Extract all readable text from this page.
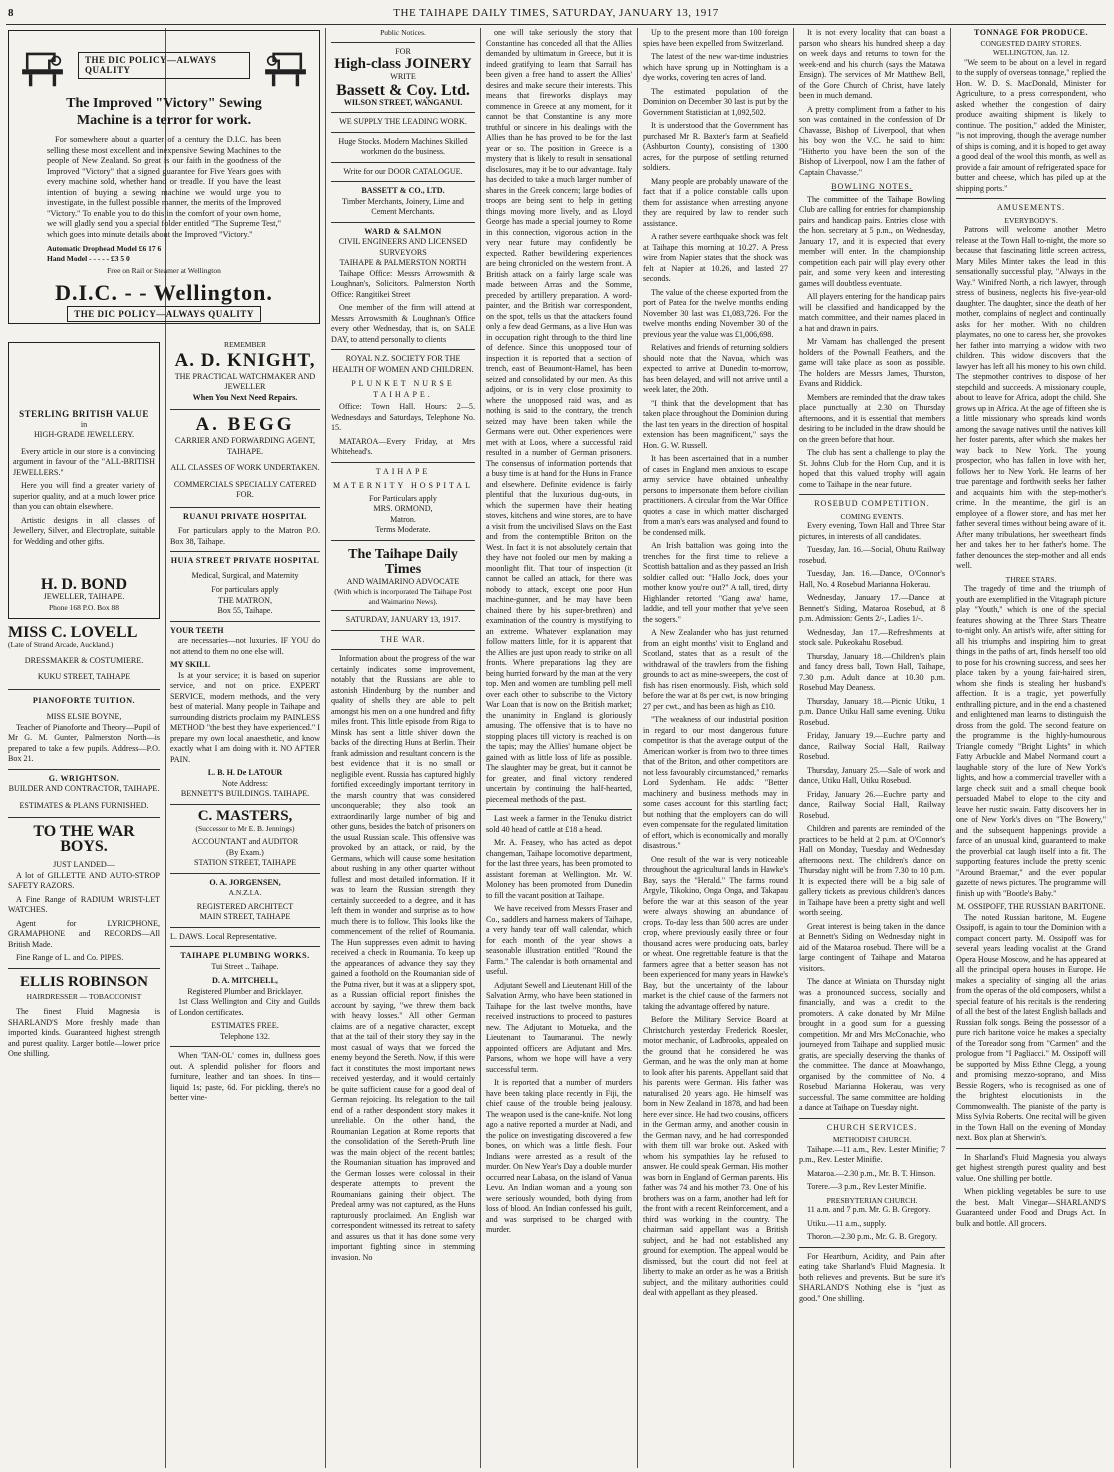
8	THE TAIHAPE DAILY TIMES, SATURDAY, JANUARY 13, 1917
THE DIC POLICY—ALWAYS QUALITY
The Improved "Victory" Sewing Machine is a terror for work.

For somewhere about a quarter of a century the D.I.C. has been selling these most excellent and inexpensive Sewing Machines to the people of New Zealand. So great is our faith in the goodness of the Improved "Victory" that a signed guarantee for Five Years goes with every machine sold, whether hand or treadle. If you have the least intention of buying a sewing machine we would urge you to investigate, in the fullest possible manner, the merits of the Improved "Victory." To enable you to do this in the comfort of your own home, we will gladly send you a special folder entitled "The Supreme Test," which goes into minute details about the Improved "Victory."

Automatic Drophead Model £6 17 6
Hand Model - - - - - £3 5 0
Free on Rail or Steamer at Wellington
D.I.C. - - Wellington.
THE DIC POLICY—ALWAYS QUALITY
STERLING BRITISH VALUE
in
HIGH-GRADE JEWELLERY.

Every article in our store is a convincing argument in favour of the "ALL-BRITISH JEWELLERS."

Here you will find a greater variety of superior quality, and at a much lower price than you can obtain elsewhere.

Artistic designs in all classes of Jewellery, Silver, and Electroplate, suitable for Wedding and other gifts.

H. D. BOND
JEWELLER, TAIHAPE.
Phone 168 P.O. Box 88
MISS C. LOVELL
(Late of Strand Arcade, Auckland.)
DRESSMAKER & COSTUMIERE.
KUKU STREET, TAIHAPE
PIANOFORTE TUITION.
MISS ELSIE BOYNE,

Teacher of Pianoforte and Theory—Pupil of Mr G. M. Gunter, Palmerston North—is prepared to take a few pupils. Address—P.O. Box 21.

G. WRIGHTSON.
BUILDER AND CONTRACTOR, TAIHAPE.
ESTIMATES & PLANS FURNISHED.
TO THE WAR BOYS.
JUST LANDED—

A lot of GILLETTE AND AUTO-STROP SAFETY RAZORS.

A Fine Range of RADIUM WRIST-LET WATCHES.

Agent for LYRICPHONE, GRAMAPHONE and RECORDS—All British Made.

Fine Range of L. and Co. PIPES.

ELLIS ROBINSON
HAIRDRESSER — TOBACCONIST

The finest Fluid Magnesia is SHARLAND'S More freshly made than imported kinds. Guaranteed highest strength and purest quality. Larger bottle—lower price One shilling.

REMEMBER
A. D. KNIGHT,
THE PRACTICAL WATCHMAKER AND JEWELLER
When You Next Need Repairs.
A. BEGG
CARRIER AND FORWARDING AGENT, TAIHAPE.
ALL CLASSES OF WORK UNDERTAKEN.
COMMERCIALS SPECIALLY CATERED FOR.
RUANUI PRIVATE HOSPITAL

For particulars apply to the Matron P.O. Box 38, Taihape.

HUIA STREET PRIVATE HOSPITAL
Medical, Surgical, and Maternity
For particulars apply
THE MATRON,
Box 55, Taihape.
YOUR TEETH

are necessaries—not luxuries. IF YOU do not attend to them no one else will.

MY SKILL

Is at your service; it is based on superior service, and not on price. EXPERT SERVICE, modern methods, and the very best of material. Many people in Taihape and surrounding districts proclaim my PAINLESS METHOD "the best they have experienced." I prepare my own local anaesthetic, and know exactly what I am doing with it. NO AFTER PAIN.

L. B. H. De LATOUR
Note Address:
BENNETT'S BUILDINGS. TAIHAPE.
C. MASTERS,
(Successor to Mr E. B. Jennings)
ACCOUNTANT and AUDITOR
(By Exam.)
STATION STREET, TAIHAPE
O. A. JORGENSEN,
A.N.Z.I.A.
REGISTERED ARCHITECT
MAIN STREET, TAIHAPE
L. DAWS. Local Representative.
TAIHAPE PLUMBING WORKS.
Tui Street .. Taihape.
D. A. MITCHELL,
Registered Plumber and Bricklayer.

1st Class Wellington and City and Guilds of London certificates.

ESTIMATES FREE.
Telephone 132.

When 'TAN-OL' comes in, dullness goes out. A splendid polisher for floors and furniture, leather and tan shoes. In tins—liquid 1s; paste, 6d. For pickling, there's no better vine-

Public Notices.
FOR
High-class JOINERY
WRITE
Bassett & Coy. Ltd.
WILSON STREET, WANGANUI.
WE SUPPLY THE LEADING WORK.
Huge Stocks. Modern Machines Skilled workmen do the business.
Write for our DOOR CATALOGUE.
BASSETT & CO., LTD.
Timber Merchants, Joinery, Lime and Cement Merchants.
WARD & SALMON
CIVIL ENGINEERS AND LICENSED SURVEYORS
TAIHAPE & PALMERSTON NORTH

Taihape Office: Messrs Arrowsmith & Loughnan's, Solicitors. Palmerston North Office: Rangitikei Street

One member of the firm will attend at Messrs Arrowsmith & Loughnan's Office every other Wednesday, that is, on SALE DAY, to attend personally to clients

ROYAL N.Z. SOCIETY FOR THE HEALTH OF WOMEN AND CHILDREN.
PLUNKET NURSE TAIHAPE.

Office: Town Hall. Hours: 2—5. Wednesdays and Saturdays, Telephone No. 15.

MATAROA—Every Friday, at Mrs Whitehead's.

TAIHAPE
MATERNITY HOSPITAL
For Particulars apply
MRS. ORMOND,
Matron.
Terms Moderate.
The Taihape Daily Times
AND WAIMARINO ADVOCATE
(With which is incorporated The Taihape Post and Waimarino News).
SATURDAY, JANUARY 13, 1917.
THE WAR.

Information about the progress of the war certainly indicates some improvement, notably that the Russians are able to astonish Hindenburg by the number and quality of shells they are able to pelt amongst his men on a one hundred and fifty miles front. This little episode from Riga to Minsk has sent a little shiver down the backs of the directing Huns at Berlin. Their frank admission and resultant concern is the best evidence that it is no small or negligible event. Russia has captured highly fortified exceedingly important territory in the marsh country that was considered unconquerable; they also took an extraordinarily large number of big and other guns, besides the batch of prisoners on the usual Russian scale. This offensive was provoked by an attack, or raid, by the Germans, which will cause some hesitation about rushing in any other quarter without fullest and most detailed information. If it was to learn the Russian strength they certainly succeeded to a degree, and it has left them in wonder and surprise as to how much there is to follow. This looks like the commencement of the relief of Roumania. The Hun suppresses even admit to having received a check in Roumania. To keep up the appearances of advance they say they gained a foothold on the Roumanian side of the Putna river, but it was at a slippery spot, as a Russian official report finishes the account by saying, "we threw them back with heavy losses." All other German claims are of a negative character, except that at the tail of their story they say in the most casual of ways that we forced the enemy beyond the Sereth. Now, if this were fact it constitutes the most important news received yesterday, and it would certainly be quite sufficient cause for a good deal of German rejoicing. Its relegation to the tail end of a rather despondent story makes it unreliable. On the other hand, the Roumanian Legation at Rome reports that the consolidation of the Sereth-Pruth line was the main object of the recent battles; the Roumanian situation has improved and the German losses were colossal in their desperate attempts to prevent the Roumanians gaining their object. The Predeal army was not captured, as the Huns rapturously proclaimed. An English war correspondent witnessed its retreat to safety and assures us that it has done some very important fighting since in stemming invasion. No

one will take seriously the story that Constantine has conceded all that the Allies demanded by ultimatum in Greece, but it is indeed gratifying to learn that Sarrail has been given a free hand to assert the Allies' desires and make secure their interests. This means that fireworks displays may commence in Greece at any moment, for it cannot be that Constantine is any more truthful or sincere in his dealings with the Allies than he has proved to be for the last year or so. The position in Greece is a mystery that is likely to result in sensational disclosures, may it be to our advantage. Italy has decided to take a much larger number of shares in the Greek concern; large bodies of troops are being sent to help in getting things moving more lively, and as Lloyd George has made a special journey to Rome in this connection, vigorous action in the very near future may confidently be expected. Rather bewildering experiences are being chronicled on the western front. A British attack on a fairly large scale was made between Arras and the Somme, preceded by artillery preparation. A word-painter, and the British war correspondent, on the spot, tells us that the attackers found only a few dead Germans, as a live Hun was in occupation right through to the third line of defence. Since this unopposed tour of inspection it is reported that a section of trench, east of Beaumont-Hamel, has been seized and consolidated by our men. As this adjoins, or is in very close proximity to where the unopposed raid was, and as nothing is said to the contrary, the trench seized may have been taken while the Germans were out. Other experiences were met with at Loos, where a successful raid resulted in a number of German prisoners. The consensus of information portends that a busy time is at hand for the Huns in France and elsewhere. Definite evidence is fairly plentiful that the luxurious dug-outs, in which the supermen have their heating stoves, kitchens and wine stores, are to have a visit from the uncivilised Slavs on the East and from the contemptible Briton on the West. In fact it is not absolutely certain that they have not fooled our men by making a moonlight flit. That tour of inspection (it cannot be called an attack, for there was nobody to attack, except one poor Hun machine-gunner, and he may have been chained there by his super-brethren) and examination of the country is mystifying to an extreme. Whatever explanation may follow matters little, for it is apparent that the Allies are just upon ready to strike on all fronts. Where preparations lag they are being hurried forward by the man at the very top. Men and women are tumbling pell mell over each other to subscribe to the Victory War Loan that is now on the British market; the unanimity in England is gloriously amusing. The offensive that is to have no stopping places till victory is reached is on the tapis; may the Allies' humane object be gained with as little loss of life as possible. The slaughter may be great, but it cannot be for greater, and final victory rendered uncertain by continuing the half-hearted, piecemeal methods of the past.

Last week a farmer in the Tenuku district sold 40 head of cattle at £18 a head.

Mr. A. Feasey, who has acted as depot changeman, Taihape locomotive department, for the last three years, has been promoted to assistant foreman at Wellington. Mr. W. Moloney has been promoted from Dunedin to fill the vacant position at Taihape.

We have received from Messrs Fraser and Co., saddlers and harness makers of Taihape, a very handy tear off wall calendar, which for each month of the year shows a seasonable illustration entitled "Round the Farm." The calendar is both ornamental and useful.

Adjutant Sewell and Lieutenant Hill of the Salvation Army, who have been stationed in Taihape for the last twelve months, have received instructions to proceed to pastures new. The Adjutant to Motueka, and the Lieutenant to Taumaranui. The newly appointed officers are Adjutant and Mrs. Parsons, whom we hope will have a very successful term.

It is reported that a number of murders have been taking place recently in Fiji, the chief cause of the trouble being jealousy. The weapon used is the cane-knife. Not long ago a native reported a murder at Nadi, and the police on investigating discovered a few bones, on which was a little flesh. Four Indians were arrested as a result of the murder. On New Year's Day a double murder occurred near Labasa, on the island of Vanua Levu. An Indian woman and a young son were seriously wounded, both dying from loss of blood. An Indian confessed his guilt, and was surprised to be charged with murder.

Up to the present more than 100 foreign spies have been expelled from Switzerland.

The latest of the new war-time industries which have sprung up in Nottingham is a dye works, covering ten acres of land.

The estimated population of the Dominion on December 30 last is put by the Government Statistician at 1,092,502.

It is understood that the Government has purchased Mr R. Baxter's farm at Seafield (Ashburton County), consisting of 1300 acres, for the purpose of settling returned soldiers.

Many people are probably unaware of the fact that if a police constable calls upon them for assistance when arresting anyone they are required by law to render such assistance.

A rather severe earthquake shock was felt at Taihape this morning at 10.27. A Press wire from Napier states that the shock was felt at Napier at 10.26, and lasted 27 seconds.

The value of the cheese exported from the port of Patea for the twelve months ending November 30 last was £1,083,726. For the twelve months ending November 30 of the previous year the value was £1,006,698.

Relatives and friends of returning soldiers should note that the Navua, which was expected to arrive at Dunedin to-morrow, has been delayed, and will not arrive until a week later, the 20th.

"I think that the development that has taken place throughout the Dominion during the last ten years in the direction of hospital extension has been magnificent," says the Hon. G. W. Russell.

It has been ascertained that in a number of cases in England men anxious to escape army service have obtained unhealthy persons to impersonate them before civilian practitioners. A circular from the War Office quotes a case in which matter discharged from a man's ears was analysed and found to be condensed milk.

An Irish battalion was going into the trenches for the first time to relieve a Scottish battalion and as they passed an Irish soldier called out: "Hallo Jock, does your mother know you're out?" A tall, tired, dirty Highlander retorted "Gang awa' hame, laddie, and tell your mother that ye've seen the sogers."

A New Zealander who has just returned from an eight months' visit to England and Scotland, states that as a result of the withdrawal of the trawlers from the fishing grounds to act as mine-sweepers, the cost of fish has risen enormously. Fish, which sold before the war at 8s per cwt, is now bringing 27 per cwt., and has been as high as £10.

"The weakness of our industrial position in regard to our most dangerous future competitor is that the average output of the American worker is from two to three times that of the Briton, and other competitors are not less favourably circumstanced," remarks Lord Sydenham. He adds: "Better machinery and business methods may in some cases account for this startling fact; but nothing that the employers can do will even compensate for the regulated limitation of effort, which is economically and morally disastrous."

One result of the war is very noticeable throughout the agricultural lands in Hawke's Bay, says the "Herald." The farms round Argyle, Tikokino, Onga Onga, and Takapau before the war at this season of the year were always showing an abundance of crops. To-day less than 500 acres are under crop, where previously easily three or four thousand acres were producing oats, barley or wheat. One regrettable feature is that the farmers agree that a better season has not been experienced for many years in Hawke's Bay, but the uncertainty of the labour market is the chief cause of the farmers not taking the advantage offered by nature.

Before the Military Service Board at Christchurch yesterday Frederick Roesler, motor mechanic, of Ladbrooks, appealed on the ground that he considered he was German, and he was the only man at home to look after his parents. Appellant said that his parents were German. His father was naturalised 20 years ago. He himself was born in New Zealand in 1878, and had been here ever since. He had two cousins, officers in the German army, and another cousin in the German navy, and he had corresponded with them till war broke out. Asked with whom his sympathies lay he refused to answer. He could speak German. His mother was born in England of German parents. His father was 74 and his mother 73. One of his brothers was on a farm, another had left for the front with a recent Reinforcement, and a third was working in the country. The chairman said appellant was a British subject, and he had not established any ground for exemption. The appeal would be dismissed, but the court did not feel at liberty to make an order as he was a British subject, and the military authorities could deal with appellant as they pleased.

It is not every locality that can boast a parson who shears his hundred sheep a day on week days and returns to town for the week-end and his church (says the Matawa Ensign). The services of Mr Matthew Bell, of the Gore Church of Christ, have lately been in much demand.

A pretty compliment from a father to his son was contained in the confession of Dr Chavasse, Bishop of Liverpool, that when his boy won the V.C. he said to him: "Hitherto you have been the son of the Bishop of Liverpool, now I am the father of Captain Chavasse."

BOWLING NOTES.

The committee of the Taihape Bowling Club are calling for entries for championship pairs and handicap pairs. Entries close with the hon. secretary at 5 p.m., on Wednesday, January 17, and it is expected that every member will enter. In the championship competition each pair will play every other pair, and some very keen and interesting games will doubtless eventuate.

All players entering for the handicap pairs will be classified and handicapped by the match committee, and their names placed in a hat and drawn in pairs.

Mr Varnam has challenged the present holders of the Pownall Feathers, and the game will take place as soon as possible. The holders are Messrs James, Thurston, Evans and Riddick.

Members are reminded that the draw takes place punctually at 2.30 on Thursday afternoons, and it is essential that members desiring to be included in the draw should be on the green before that hour.

The club has sent a challenge to play the St. Johns Club for the Horn Cup, and it is hoped that this valued trophy will again come to Taihape in the near future.

ROSEBUD COMPETITION.
COMING EVENTS.

Every evening, Town Hall and Three Star pictures, in interests of all candidates.

Tuesday, Jan. 16.—Social, Ohutu Railway rosebud.

Tuesday, Jan. 16.—Dance, O'Connor's Hall, No. 4 Rosebud Marianna Hokerau.

Wednesday, January 17.—Dance at Bennett's Siding, Mataroa Rosebud, at 8 p.m. Admission: Gents 2/-, Ladies 1/-.

Wednesday, Jan 17.—Refreshments at stock sale. Pukeokahu Rosebud.

Thursday, January 18.—Children's plain and fancy dress ball, Town Hall, Taihape, 7.30 p.m. Adult dance at 10.30 p.m. Rosebud May Deaness.

Thursday, January 18.—Picnic Utiku, 1 p.m. Dance Utiku Hall same evening. Utiku Rosebud.

Friday, January 19.—Euchre party and dance, Railway Social Hall, Railway Rosebud.

Thursday, January 25.—Sale of work and dance, Utiku Hall, Utiku Rosebud.

Friday, January 26.—Euchre party and dance, Railway Social Hall, Railway Rosebud.

Children and parents are reminded of the practices to be held at 2 p.m. at O'Connor's Hall on Monday, Tuesday and Wednesday afternoons next. The children's dance on Thursday night will be from 7.30 to 10 p.m. It is expected there will be a big sale of gallery tickets as previous children's dances in Taihape have been a pretty sight and well worth seeing.

Great interest is being taken in the dance at Bennett's Siding on Wednesday night in aid of the Mataroa rosebud. There will be a large contingent of Taihape and Mataroa visitors.

The dance at Winiata on Thursday night was a pronounced success, socially and financially, and was a credit to the promoters. A cake donated by Mr Milne brought in a good sum for a guessing competition. Mr and Mrs McConachie, who journeyed from Taihape and supplied music gratis, are specially deserving the thanks of the committee. The dance at Moawhango, organised by the committee of No. 4 Rosebud Marianna Hokerau, was very successful. The same committee are holding a dance at Taihape on Tuesday night.

CHURCH SERVICES.
METHODIST CHURCH.

Taihape.—11 a.m., Rev. Lester Minifie; 7 p.m., Rev. Lester Minifie.

Mataroa.—2.30 p.m., Mr. B. T. Hinson.

Torere.—3 p.m., Rev Lester Minifie.

PRESBYTERIAN CHURCH.

11 a.m. and 7 p.m. Mr. G. B. Gregory.

Utiku.—11 a.m., supply.

Thoron.—2.30 p.m., Mr. G. B. Gregory.

For Heartburn, Acidity, and Pain after eating take Sharland's Fluid Magnesia. It both relieves and prevents. But be sure it's SHARLAND'S Nothing else is "just as good." One shilling.

TONNAGE FOR PRODUCE.
CONGESTED DAIRY STORES.
WELLINGTON, Jan. 12.

"We seem to be about on a level in regard to the supply of overseas tonnage," replied the Hon. W. D. S. MacDonald, Minister for Agriculture, to a press correspondent, who asked whether the congestion of dairy produce awaiting shipment is likely to continue. The position," added the Minister, "is not improving, though the average number of ships is coming, and it is hoped to get away a good deal of the wool this month, as well as provide a fair amount of refrigerated space for butter and cheese, which has piled up at the shipping ports."

AMUSEMENTS.
EVERYBODY'S.

Patrons will welcome another Metro release at the Town Hall to-night, the more so because that fascinating little screen actress, Mary Miles Minter takes the lead in this sensationally successful play, "Always in the Way." Winifred North, a rich lawyer, through stress of business, neglects his five-year-old daughter. The daughter, since the death of her mother, complains of neglect and continually asks for her mother. With no children playmates, no one to caress her, she provokes her father into marrying a widow with two children. This widow discovers that the lawyer has left all his money to his own child. The stepmother contrives to dispose of her stepchild and succeeds. A missionary couple, about to leave for Africa, adopt the child. She grows up in Africa. At the age of fifteen she is a little missionary who spreads kind words among the savage natives until the natives kill her foster parents, after which she makes her way back to New York. The young prospector, who has fallen in love with her, follows her to New York. He learns of her true parentage and forthwith seeks her father and acquaints him with the step-mother's crime. In the meantime, the girl is an employee of a flower store, and has met her father several times without being aware of it. After many tribulations, her sweetheart finds her and takes her to her father's home. The father denounces the step-mother and all ends well.

THREE STARS.

The tragedy of time and the triumph of youth are exemplified in the Vitagraph picture play "Youth," which is one of the special features showing at the Three Stars Theatre to-night only. An artist's wife, after sitting for all his triumphs and inspiring him to great things in the paths of art, finds herself too old to pose for his crowning success, and sees her place taken by a young fair-haired siren, whom she finds is stealing her husband's affection. It is a tragic, yet powerfully enthralling picture, and in the end a chastened and enlightened man learns to distinguish the dross from the gold. The second feature on the programme is the highly-humourous Triangle comedy "Bright Lights" in which Fatty Arbuckle and Mabel Normand court a laughable story of the lure of New York's lights, and how a commercial traveller with a large check suit and a small cheque book persuaded Mabel to elope to the city and leave her rustic swain. Fatty discovers her in one of New York's dives on "The Bowery," and the subsequent happenings provide a farce of an unusual kind, guaranteed to make the proverbial cat laugh itself into a fit. The supporting features include the pretty scenic "Around Braemar," and the ever popular gazette of news pictures. The programme will finish up with "Bootle's Baby."

M. OSSIPOFF, THE RUSSIAN BARITONE.

The noted Russian baritone, M. Eugene Ossipoff, is again to tour the Dominion with a compact concert party. M. Ossipoff was for several years leading vocalist at the Grand Opera House Moscow, and he has appeared at all the principal opera houses in Europe. He makes a speciality of singing all the arias from the operas of the old composers, whilst a special feature of his recitals is the rendering of all the best of the latest English ballads and Russian folk songs. Being the possessor of a pure rich baritone voice he makes a specialty of the Toreador song from "Carmen" and the prologue from "I Pagliacci." M. Ossipoff will be supported by Miss Ethne Clegg, a young and promising mezzo-soprano, and Miss Bessie Rogers, who is recognised as one of the brightest elocutionists in the Commonwealth. The pianiste of the party is Miss Sylvia Roberts. One recital will be given in the Town Hall on the evening of Monday next. Box plan at Sherwin's.

In Sharland's Fluid Magnesia you always get highest strength purest quality and best value. One shilling per bottle.

When pickling vegetables be sure to use the best. Malt Vinegar—SHARLAND'S Guaranteed under Food and Drugs Act. In bulk and bottle. All grocers.
